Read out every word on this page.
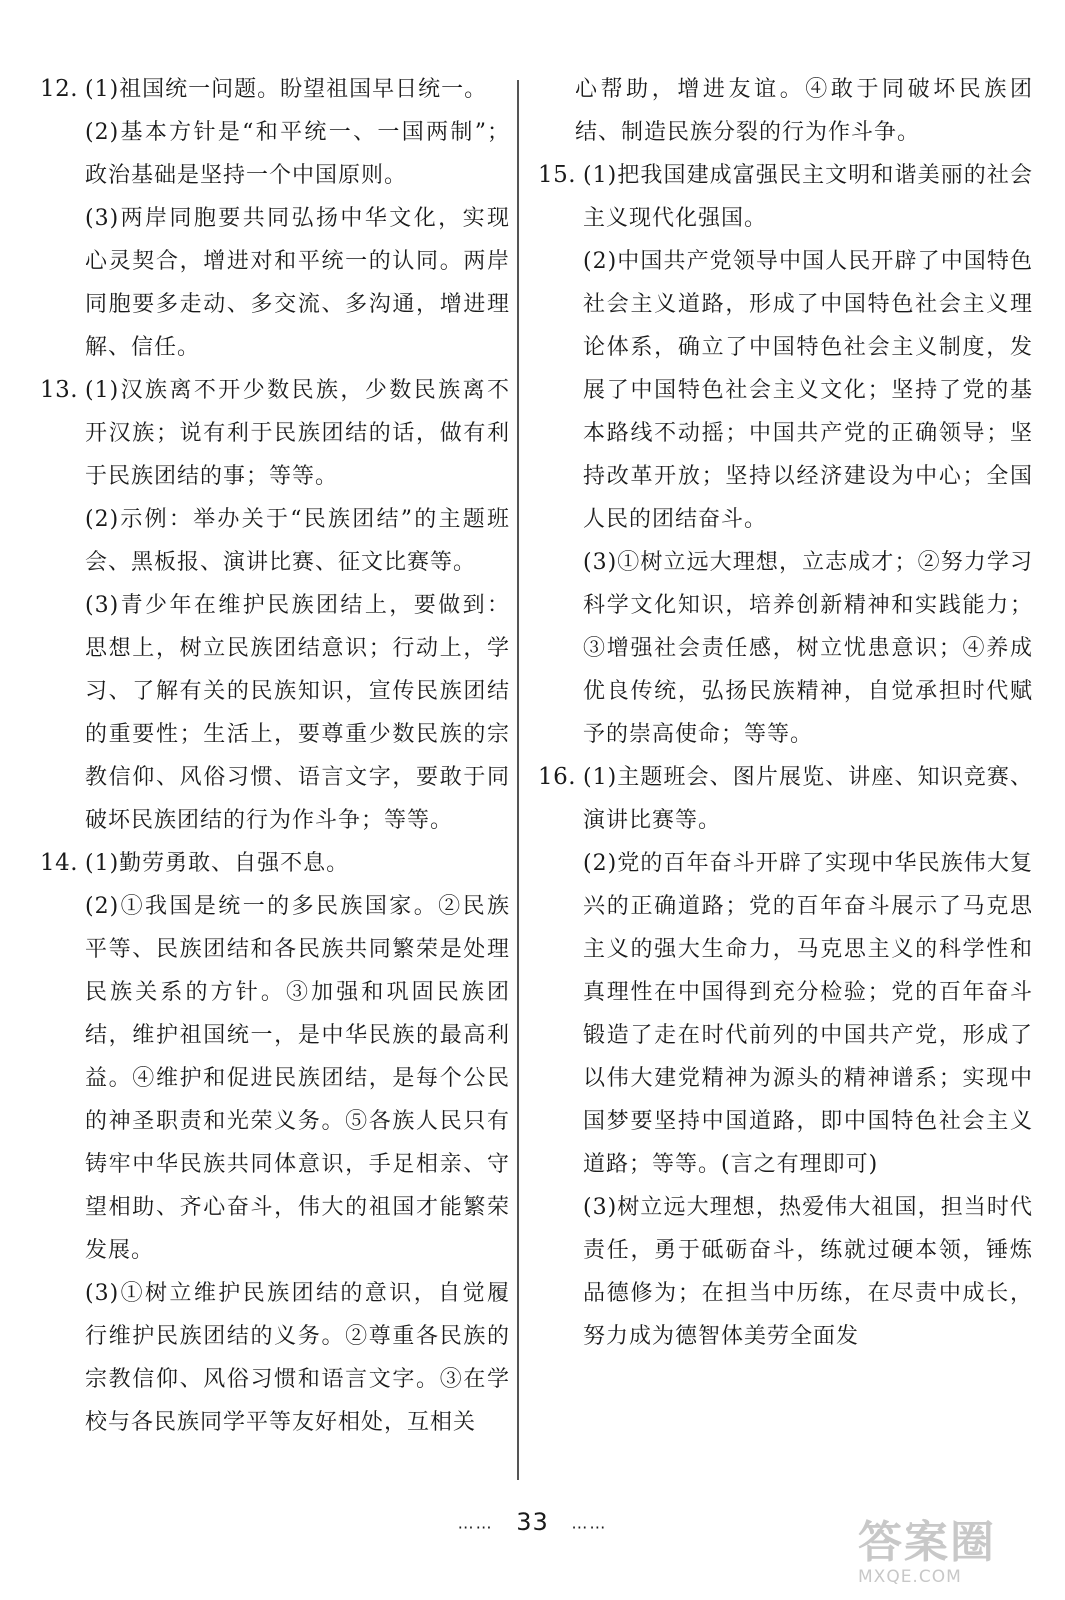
12. (1)祖国统一问题。盼望祖国早日统一。

(2)基本方针是“和平统一、一国两制”；政治基础是坚持一个中国原则。

(3)两岸同胞要共同弘扬中华文化，实现心灵契合，增进对和平统一的认同。两岸同胞要多走动、多交流、多沟通，增进理解、信任。

13. (1)汉族离不开少数民族，少数民族离不开汉族；说有利于民族团结的话，做有利于民族团结的事；等等。

(2)示例：举办关于“民族团结”的主题班会、黑板报、演讲比赛、征文比赛等。

(3)青少年在维护民族团结上，要做到：思想上，树立民族团结意识；行动上，学习、了解有关的民族知识，宣传民族团结的重要性；生活上，要尊重少数民族的宗教信仰、风俗习惯、语言文字，要敢于同破坏民族团结的行为作斗争；等等。

14. (1)勤劳勇敢、自强不息。

(2)①我国是统一的多民族国家。②民族平等、民族团结和各民族共同繁荣是处理民族关系的方针。③加强和巩固民族团结，维护祖国统一，是中华民族的最高利益。④维护和促进民族团结，是每个公民的神圣职责和光荣义务。⑤各族人民只有铸牢中华民族共同体意识，手足相亲、守望相助、齐心奋斗，伟大的祖国才能繁荣发展。

(3)①树立维护民族团结的意识，自觉履行维护民族团结的义务。②尊重各民族的宗教信仰、风俗习惯和语言文字。③在学校与各民族同学平等友好相处，互相关

心帮助，增进友谊。④敢于同破坏民族团结、制造民族分裂的行为作斗争。

15. (1)把我国建成富强民主文明和谐美丽的社会主义现代化强国。

(2)中国共产党领导中国人民开辟了中国特色社会主义道路，形成了中国特色社会主义理论体系，确立了中国特色社会主义制度，发展了中国特色社会主义文化；坚持了党的基本路线不动摇；中国共产党的正确领导；坚持改革开放；坚持以经济建设为中心；全国人民的团结奋斗。

(3)①树立远大理想，立志成才；②努力学习科学文化知识，培养创新精神和实践能力；③增强社会责任感，树立忧患意识；④养成优良传统，弘扬民族精神，自觉承担时代赋予的崇高使命；等等。

16. (1)主题班会、图片展览、讲座、知识竞赛、演讲比赛等。

(2)党的百年奋斗开辟了实现中华民族伟大复兴的正确道路；党的百年奋斗展示了马克思主义的强大生命力，马克思主义的科学性和真理性在中国得到充分检验；党的百年奋斗锻造了走在时代前列的中国共产党，形成了以伟大建党精神为源头的精神谱系；实现中国梦要坚持中国道路，即中国特色社会主义道路；等等。(言之有理即可)

(3)树立远大理想，热爱伟大祖国，担当时代责任，勇于砥砺奋斗，练就过硬本领，锤炼品德修为；在担当中历练，在尽责中成长，努力成为德智体美劳全面发

…… 33 ……	答案圈
MXQE.COM
